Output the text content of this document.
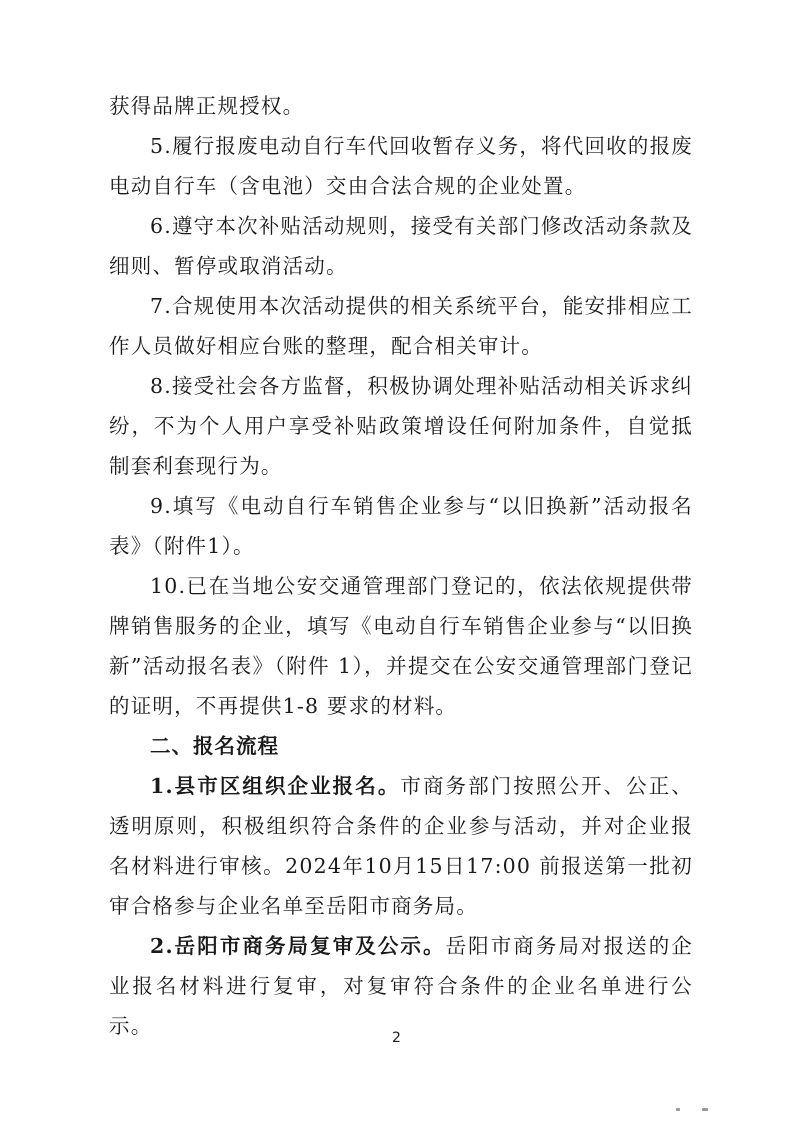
获得品牌正规授权。

5.履行报废电动自行车代回收暂存义务，将代回收的报废电动自行车（含电池）交由合法合规的企业处置。

6.遵守本次补贴活动规则，接受有关部门修改活动条款及细则、暂停或取消活动。

7.合规使用本次活动提供的相关系统平台，能安排相应工作人员做好相应台账的整理，配合相关审计。

8.接受社会各方监督，积极协调处理补贴活动相关诉求纠纷，不为个人用户享受补贴政策增设任何附加条件，自觉抵制套利套现行为。

9.填写《电动自行车销售企业参与“以旧换新”活动报名表》（附件1）。

10.已在当地公安交通管理部门登记的，依法依规提供带牌销售服务的企业，填写《电动自行车销售企业参与“以旧换新”活动报名表》（附件 1），并提交在公安交通管理部门登记的证明，不再提供1-8 要求的材料。

二、报名流程

1.县市区组织企业报名。市商务部门按照公开、公正、透明原则，积极组织符合条件的企业参与活动，并对企业报名材料进行审核。2024年10月15日17:00 前报送第一批初审合格参与企业名单至岳阳市商务局。

2.岳阳市商务局复审及公示。岳阳市商务局对报送的企业报名材料进行复审，对复审符合条件的企业名单进行公示。	2
